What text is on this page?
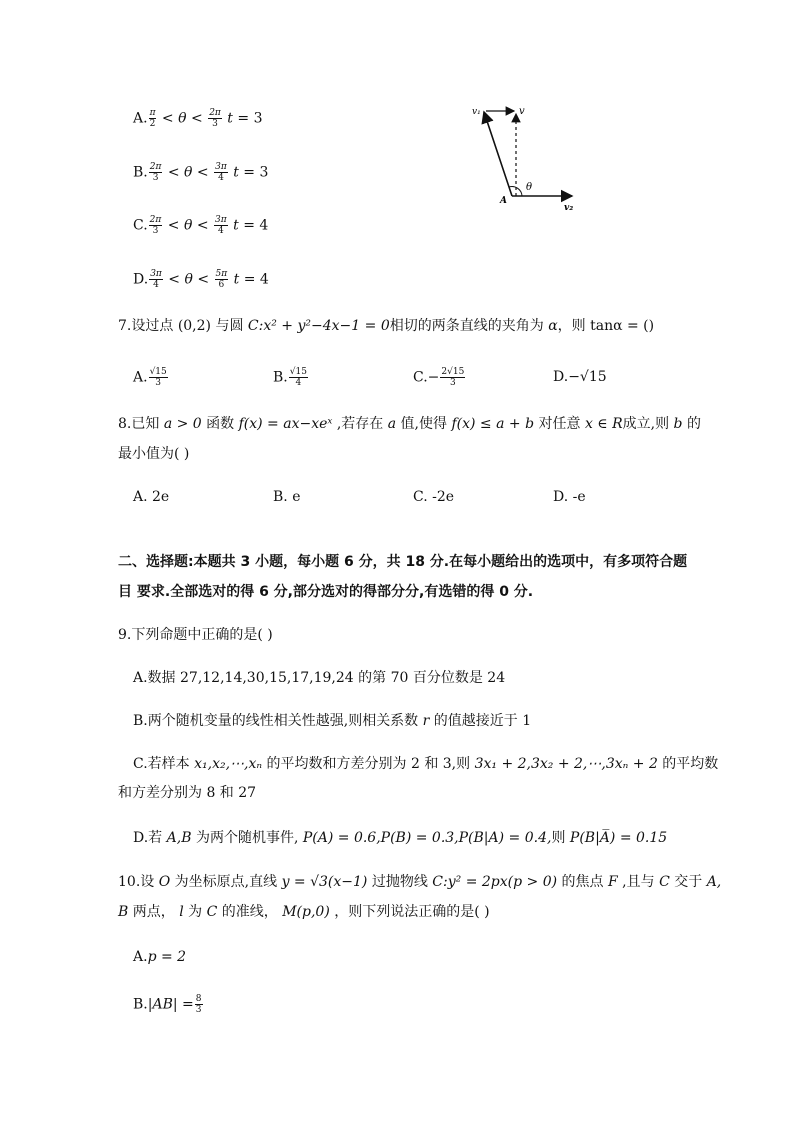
A. $\frac{\pi}{2} < \theta < \frac{2\pi}{3}$ t = 3
B. $\frac{2\pi}{3} < \theta < \frac{3\pi}{4}$ t = 3
C. $\frac{2\pi}{3} < \theta < \frac{3\pi}{4}$ t = 4
D. $\frac{3\pi}{4} < \theta < \frac{5\pi}{6}$ t = 4
v₁	v
A
θ
v₂
7.设过点 (0,2) 与圆 C:x² + y²−4x−1 = 0相切的两条直线的夹角为 α，则 tanα = ()
A. $\frac{√15}{3}$	B. $\frac{√15}{4}$	$C.- \frac{2√15}{3}$	D.−√15
8.已知 a > 0 函数 f(x) = ax−xeˣ ,若存在 a 值,使得 f(x) ≤ a + b 对任意 x ∈ R成立,则 b 的
最小值为( )
A. 2e	B. e	C. -2e	D. -e
二、选择题:本题共 3 小题，每小题 6 分，共 18 分.在每小题给出的选项中，有多项符合题
目 要求.全部选对的得 6 分,部分选对的得部分分,有选错的得 0 分.
9.下列命题中正确的是( )
A.数据 27,12,14,30,15,17,19,24 的第 70 百分位数是 24
B.两个随机变量的线性相关性越强,则相关系数 r 的值越接近于 1
C.若样本 x₁,x₂,⋯,xₙ 的平均数和方差分别为 2 和 3,则 3x₁ + 2,3x₂ + 2,⋯,3xₙ + 2 的平均数
和方差分别为 8 和 27
D.若 A,B 为两个随机事件, P(A) = 0.6,P(B) = 0.3,P(B|A) = 0.4,则 P(B|A̅) = 0.15
10.设 O 为坐标原点,直线 y = √3(x−1) 过抛物线 C:y² = 2px(p > 0) 的焦点 F ,且与 C 交于 A,
B 两点， l 为 C 的准线， M(p,0) ，则下列说法正确的是( )
A.p = 2
$B.|AB| = \frac{8}{3}$
